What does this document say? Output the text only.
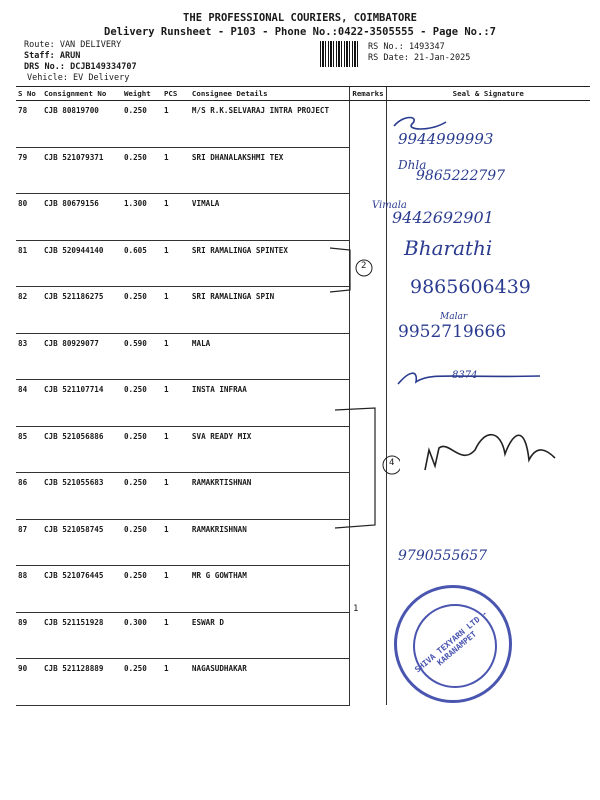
THE PROFESSIONAL COURIERS, COIMBATORE
Delivery Runsheet - P103 - Phone No.:0422-3505555 - Page No.:7
Route: VAN DELIVERY
Staff: ARUN
DRS No.: DCJB149334707
Vehicle: EV Delivery
RS No.: 1493347
RS Date: 21-Jan-2025
S No	Consignment No	Weight	PCS	Consignee Details	Remarks	Seal & Signature
78	CJB 80819700	0.250	1	M/S R.K.SELVARAJ INTRA PROJECT		
79	CJB 521079371	0.250	1	SRI DHANALAKSHMI TEX		
80	CJB 80679156	1.300	1	VIMALA		
81	CJB 520944140	0.605	1	SRI RAMALINGA SPINTEX		
82	CJB 521186275	0.250	1	SRI RAMALINGA SPIN		
83	CJB 80929077	0.590	1	MALA		
84	CJB 521107714	0.250	1	INSTA INFRAA		
85	CJB 521056886	0.250	1	SVA READY MIX		
86	CJB 521055683	0.250	1	RAMAKRTISHNAN		
87	CJB 521058745	0.250	1	RAMAKRISHNAN		
88	CJB 521076445	0.250	1	MR G GOWTHAM		
89	CJB 521151928	0.300	1	ESWAR D		
90	CJB 521128889	0.250	1	NAGASUDHAKAR		
2
4
1
9944999993
Dhla
9865222797
Vimala
9442692901
Bharathi
9865606439
Malar
9952719666
8374
9790555657
SHIVA TEXYARN LTD - KARANAMPET
